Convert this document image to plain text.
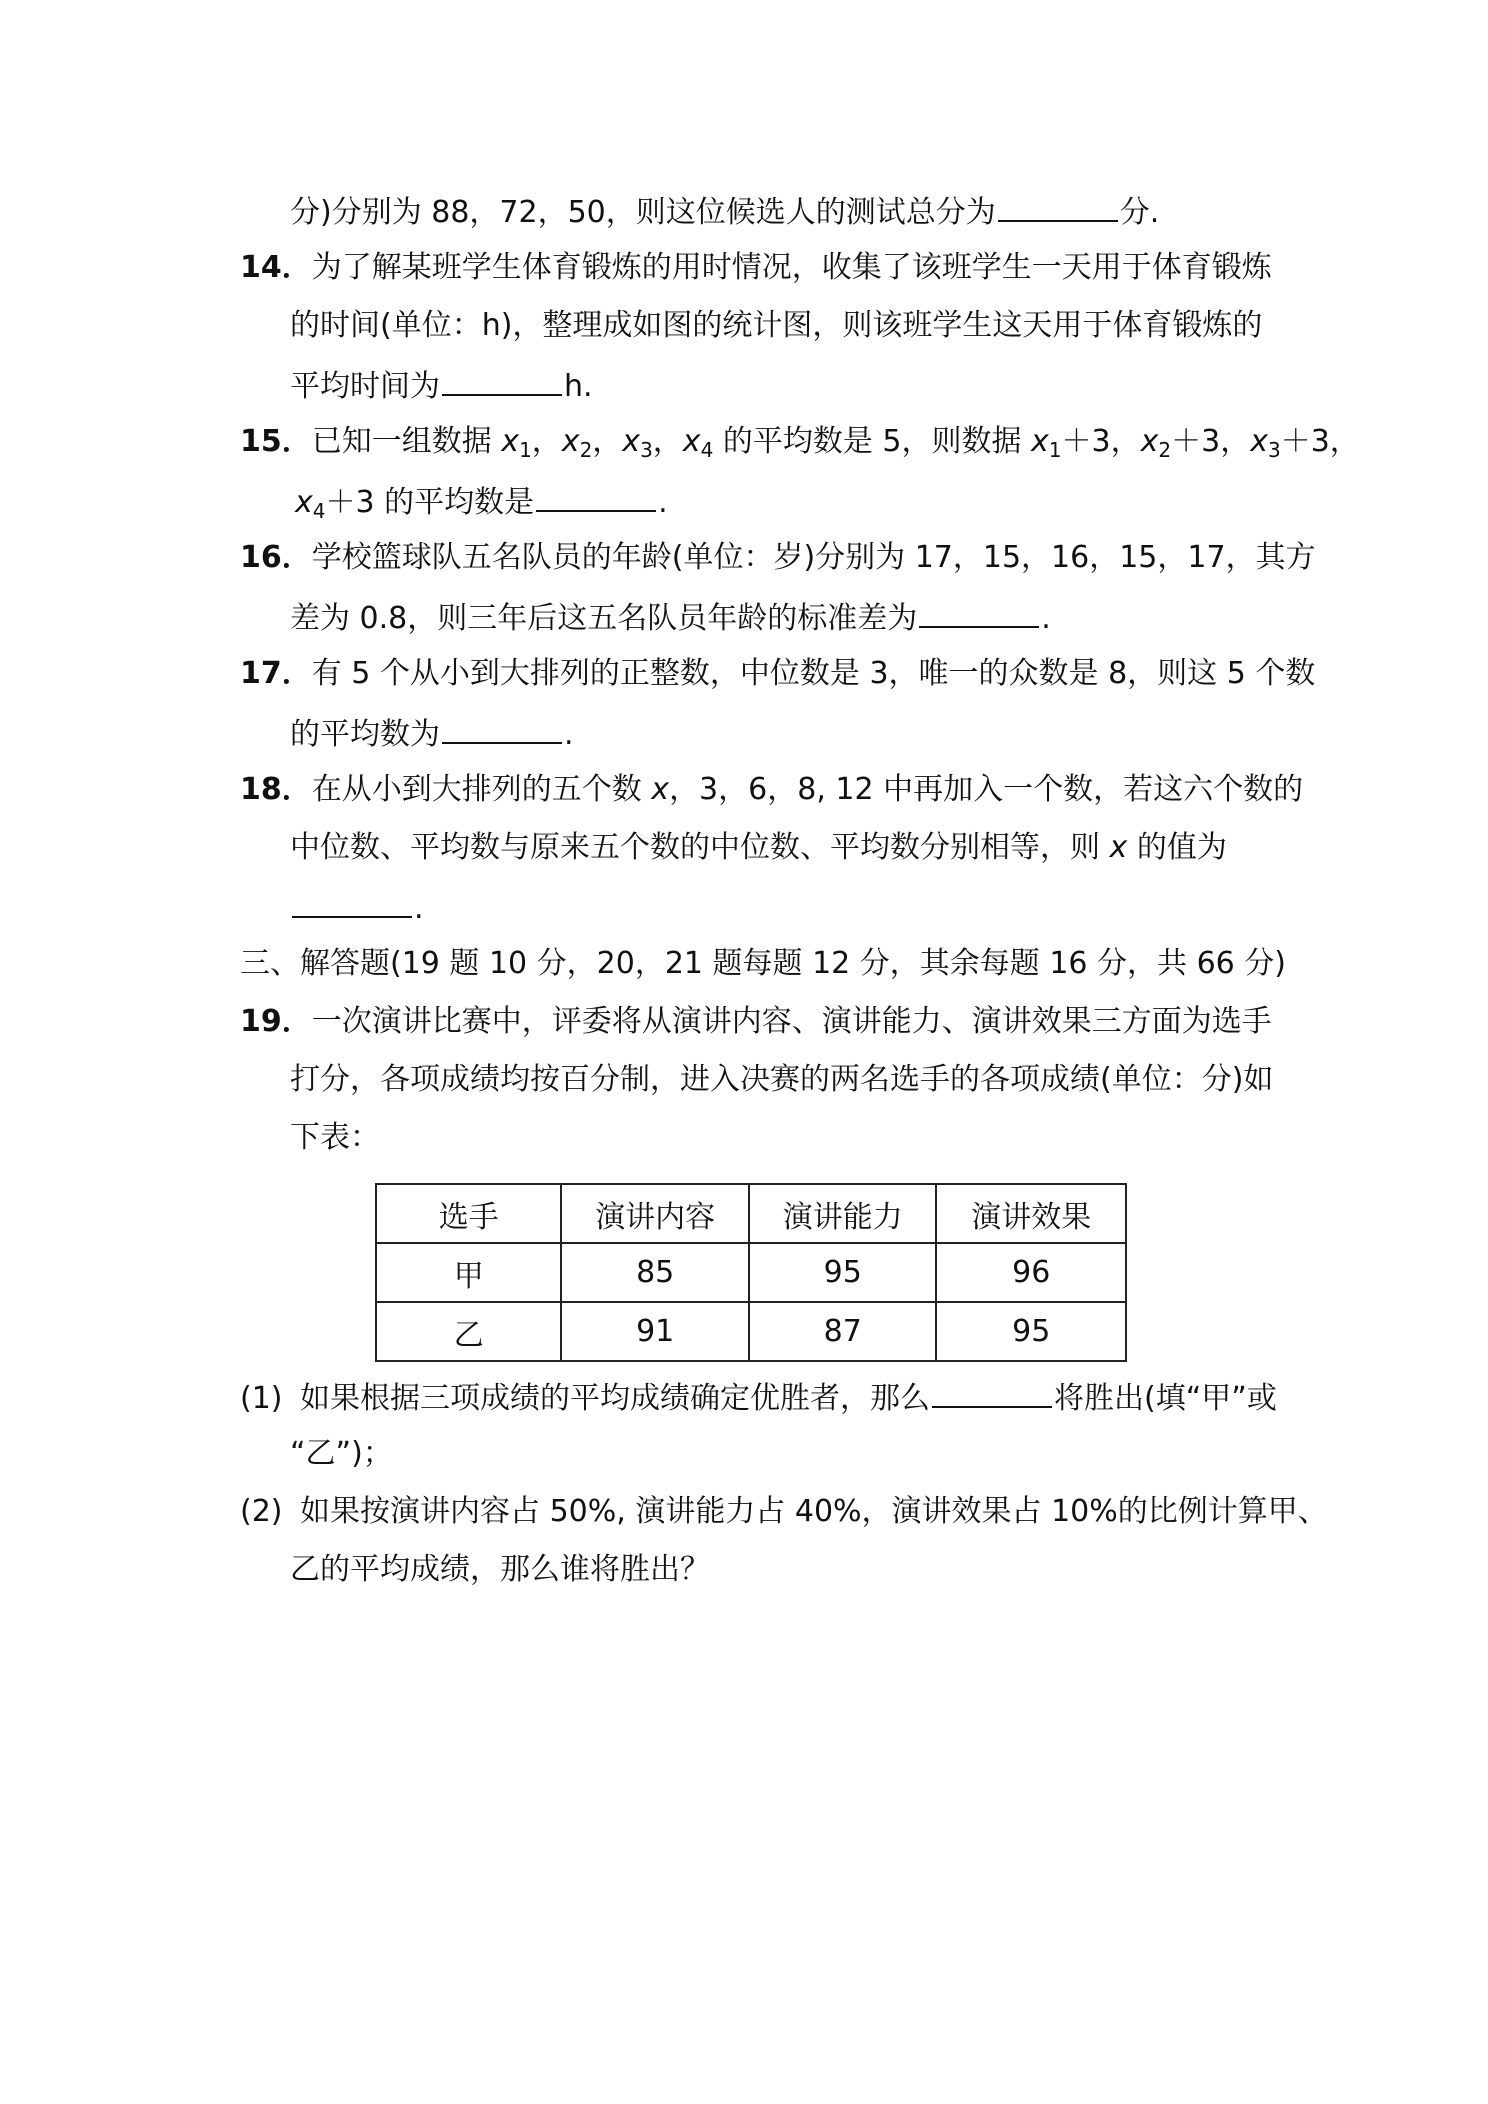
分)分别为 88，72，50，则这位候选人的测试总分为	分.
14．为了解某班学生体育锻炼的用时情况，收集了该班学生一天用于体育锻炼
的时间(单位：h)，整理成如图的统计图，则该班学生这天用于体育锻炼的
平均时间为	h.
15．已知一组数据 $x_1$，$x_2$，$x_3$，$x_4$ 的平均数是 5，则数据 $x_1+3$，$x_2+3$，$x_3+3$，
$x_4+3$ 的平均数是	.
16．学校篮球队五名队员的年龄(单位：岁)分别为 17，15，16，15，17，其方
差为 0.8，则三年后这五名队员年龄的标准差为	.
17．有 5 个从小到大排列的正整数，中位数是 3，唯一的众数是 8，则这 5 个数
的平均数为	.
18．在从小到大排列的五个数 x，3，6，8, 12 中再加入一个数，若这六个数的
中位数、平均数与原来五个数的中位数、平均数分别相等，则 x 的值为
.
三、解答题(19 题 10 分，20，21 题每题 12 分，其余每题 16 分，共 66 分)
19．一次演讲比赛中，评委将从演讲内容、演讲能力、演讲效果三方面为选手
打分，各项成绩均按百分制，进入决赛的两名选手的各项成绩(单位：分)如
下表：
选手	演讲内容	演讲能力	演讲效果
甲	85	95	96
乙	91	87	95
(1) 如果根据三项成绩的平均成绩确定优胜者，那么	将胜出(填“甲”或
“乙”)；
(2) 如果按演讲内容占 50%, 演讲能力占 40%，演讲效果占 10%的比例计算甲、
乙的平均成绩，那么谁将胜出？
